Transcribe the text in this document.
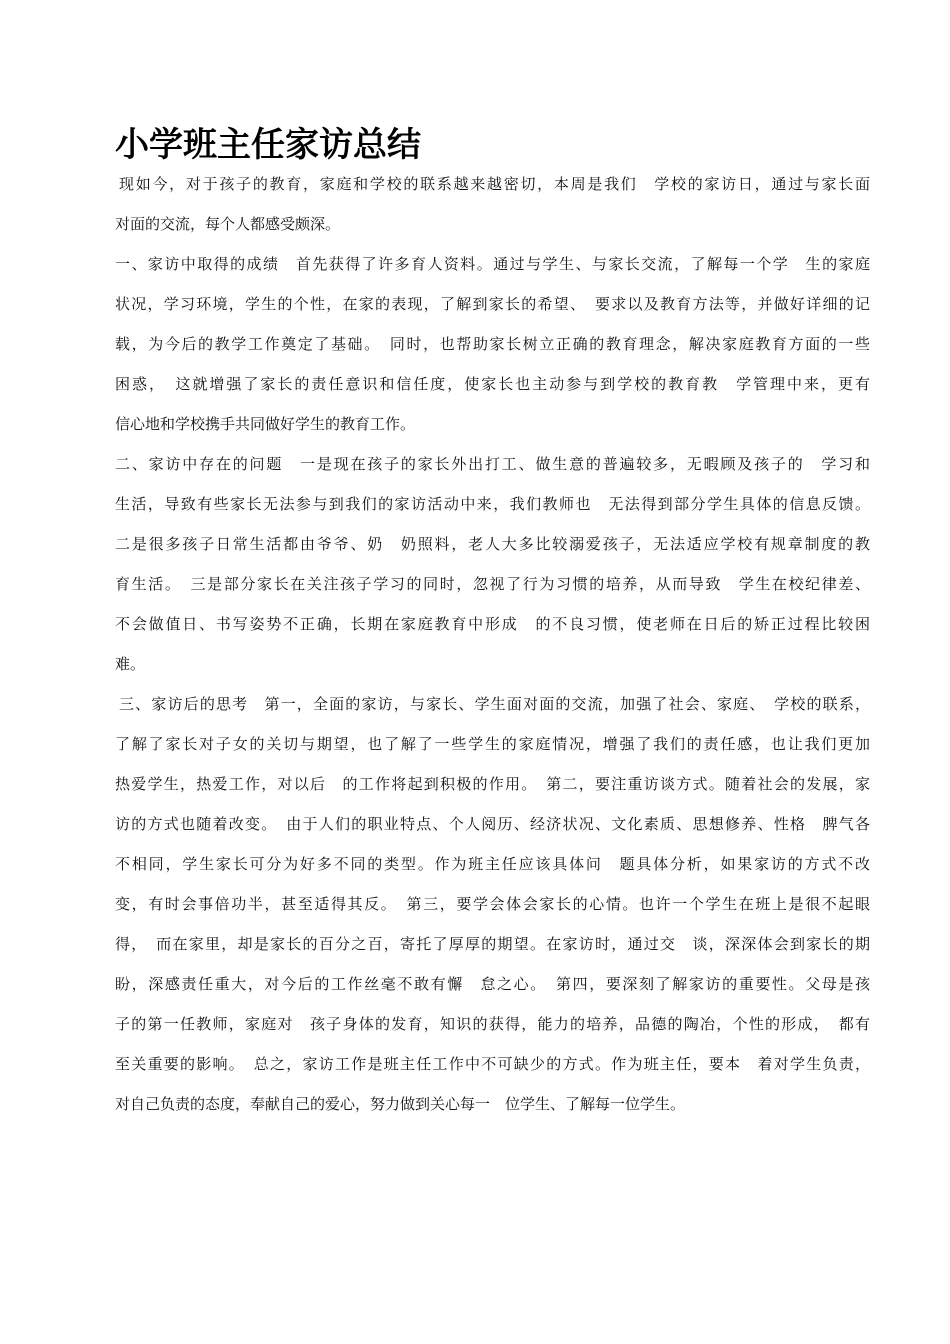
小学班主任家访总结
现如今，对于孩子的教育，家庭和学校的联系越来越密切，本周是我们　学校的家访日，通过与家长面
对面的交流，每个人都感受颇深。
一、家访中取得的成绩　首先获得了许多育人资料。通过与学生、与家长交流，了解每一个学　生的家庭
状况，学习环境，学生的个性，在家的表现，了解到家长的希望、　要求以及教育方法等，并做好详细的记
载，为今后的教学工作奠定了基础。　同时，也帮助家长树立正确的教育理念，解决家庭教育方面的一些
困惑，　这就增强了家长的责任意识和信任度，使家长也主动参与到学校的教育教　学管理中来，更有
信心地和学校携手共同做好学生的教育工作。
二、家访中存在的问题　一是现在孩子的家长外出打工、做生意的普遍较多，无暇顾及孩子的　学习和
生活，导致有些家长无法参与到我们的家访活动中来，我们教师也　无法得到部分学生具体的信息反馈。
二是很多孩子日常生活都由爷爷、奶　奶照料，老人大多比较溺爱孩子，无法适应学校有规章制度的教
育生活。　三是部分家长在关注孩子学习的同时，忽视了行为习惯的培养，从而导致　学生在校纪律差、
不会做值日、书写姿势不正确，长期在家庭教育中形成　的不良习惯，使老师在日后的矫正过程比较困
难。
三、家访后的思考　第一，全面的家访，与家长、学生面对面的交流，加强了社会、家庭、　学校的联系，
了解了家长对子女的关切与期望，也了解了一些学生的家庭情况，增强了我们的责任感，也让我们更加
热爱学生，热爱工作，对以后　的工作将起到积极的作用。　第二，要注重访谈方式。随着社会的发展，家
访的方式也随着改变。　由于人们的职业特点、个人阅历、经济状况、文化素质、思想修养、性格　脾气各
不相同，学生家长可分为好多不同的类型。作为班主任应该具体问　题具体分析，如果家访的方式不改
变，有时会事倍功半，甚至适得其反。　第三，要学会体会家长的心情。也许一个学生在班上是很不起眼
得，　而在家里，却是家长的百分之百，寄托了厚厚的期望。在家访时，通过交　谈，深深体会到家长的期
盼，深感责任重大，对今后的工作丝毫不敢有懈　怠之心。　第四，要深刻了解家访的重要性。父母是孩
子的第一任教师，家庭对　孩子身体的发育，知识的获得，能力的培养，品德的陶冶，个性的形成，　都有
至关重要的影响。　总之，家访工作是班主任工作中不可缺少的方式。作为班主任，要本　着对学生负责，
对自己负责的态度，奉献自己的爱心，努力做到关心每一　位学生、了解每一位学生。
